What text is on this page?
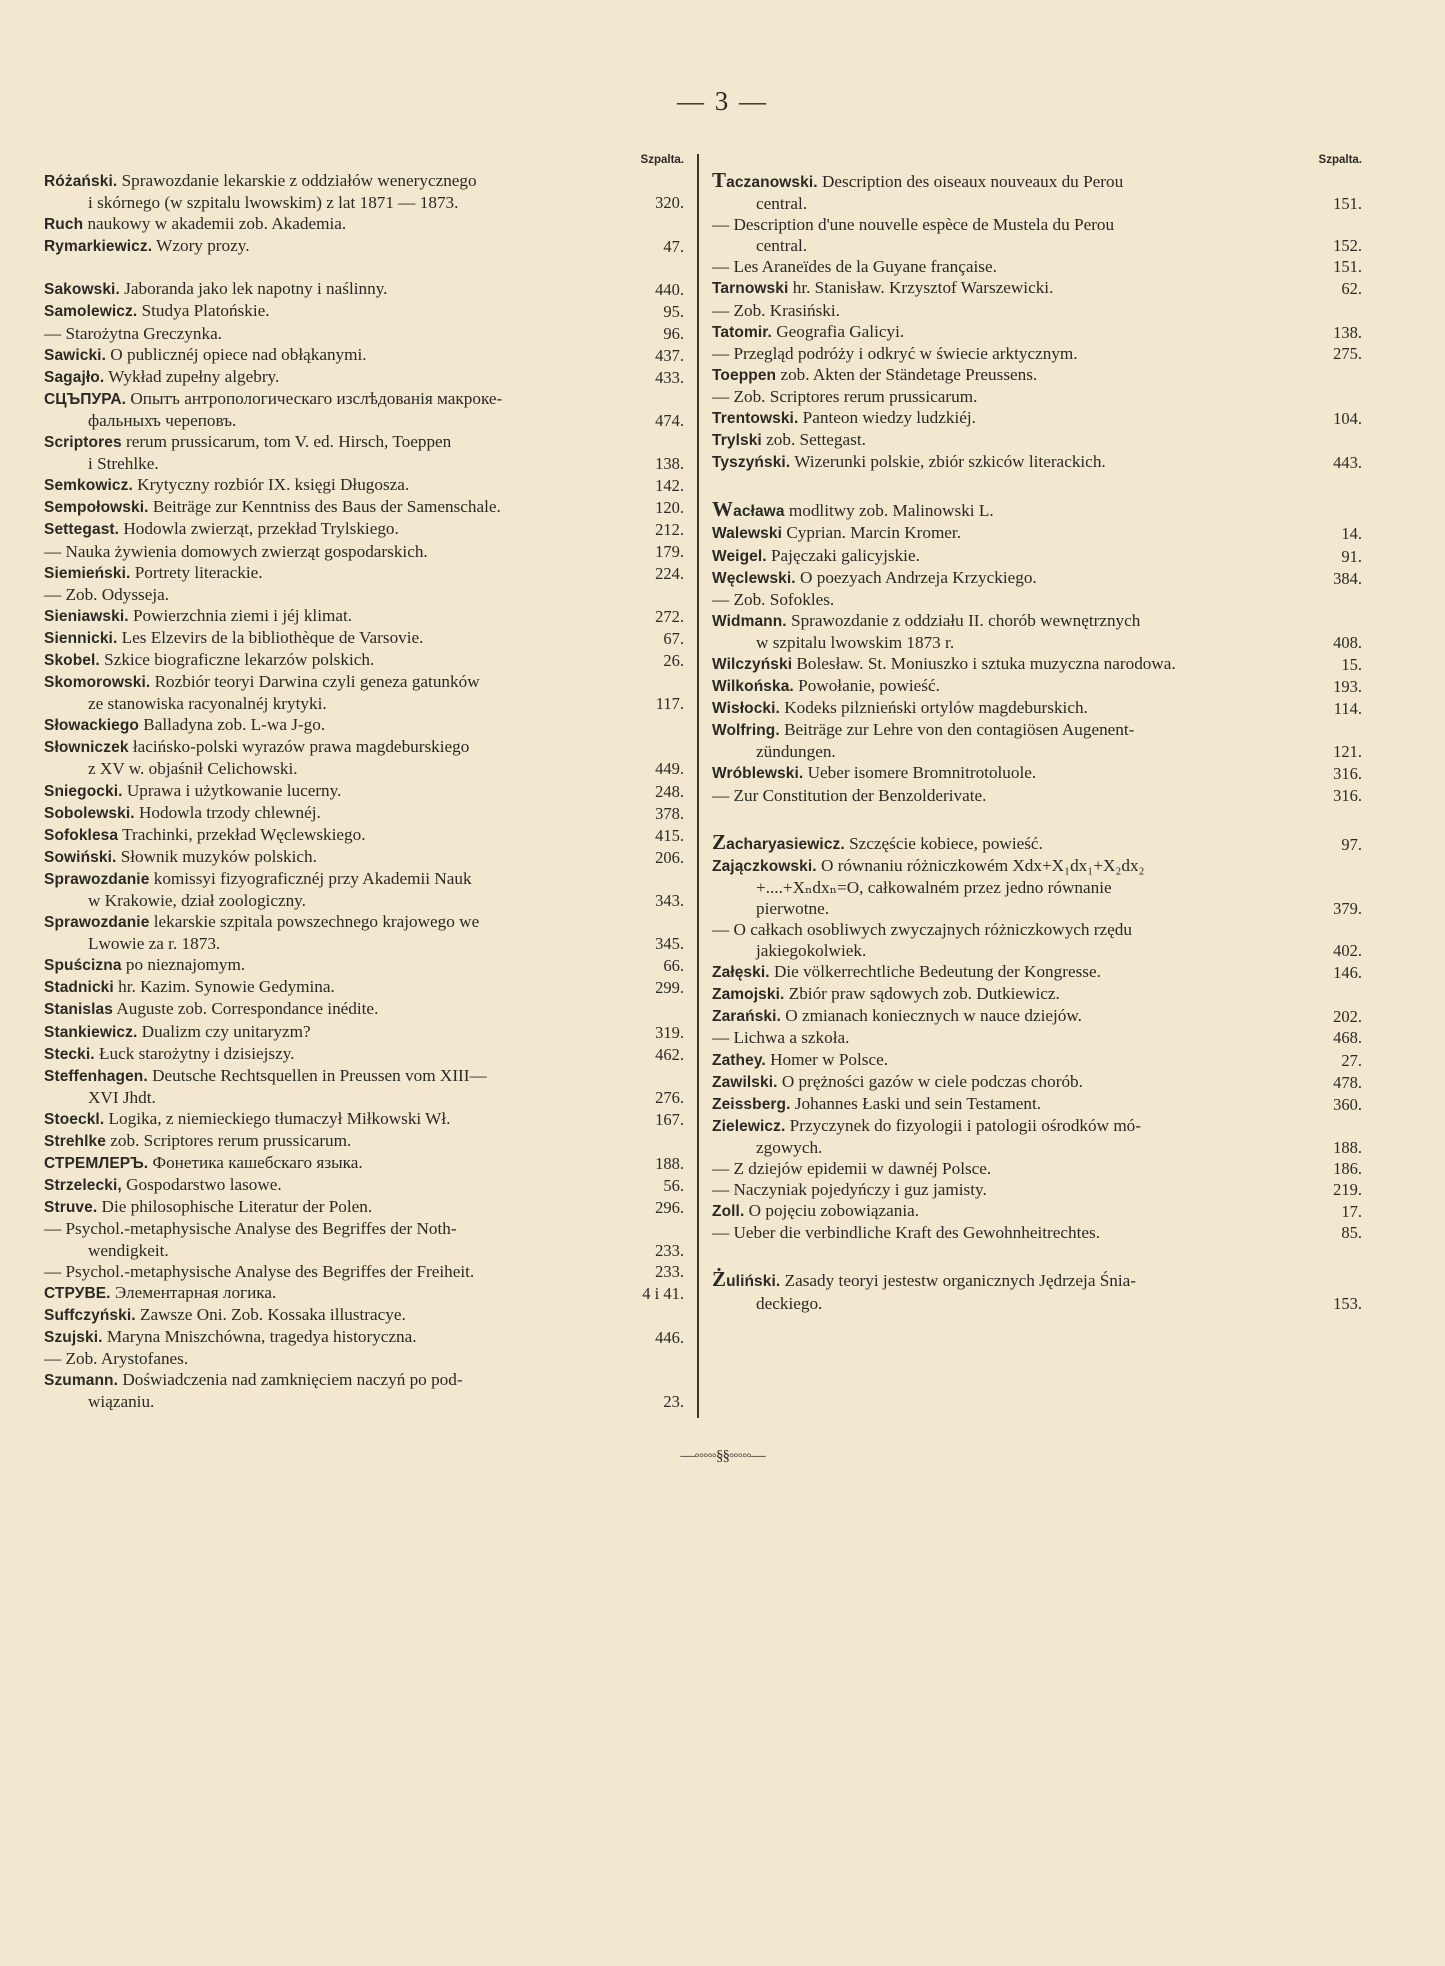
— 3 —
Szpalta.
Różański. Sprawozdanie lekarskie z oddziałów wenerycznego
i skórnego (w szpitalu lwowskim) z lat 1871 — 1873.	320.
Ruch naukowy w akademii zob. Akademia.
Rymarkiewicz. Wzory prozy.	47.
Sakowski. Jaboranda jako lek napotny i naślinny.	440.
Samolewicz. Studya Platońskie.	95.
— Starożytna Greczynka.	96.
Sawicki. O publicznéj opiece nad obłąkanymi.	437.
Sagajło. Wykład zupełny algebry.	433.
СЦЪПУРА. Опытъ антропологическаго изслѣдованія макроке-
фальныхъ череповъ.	474.
Scriptores rerum prussicarum, tom V. ed. Hirsch, Toeppen
i Strehlke.	138.
Semkowicz. Krytyczny rozbiór IX. księgi Długosza.	142.
Sempołowski. Beiträge zur Kenntniss des Baus der Samenschale.	120.
Settegast. Hodowla zwierząt, przekład Trylskiego.	212.
— Nauka żywienia domowych zwierząt gospodarskich.	179.
Siemieński. Portrety literackie.	224.
— Zob. Odysseja.
Sieniawski. Powierzchnia ziemi i jéj klimat.	272.
Siennicki. Les Elzevirs de la bibliothèque de Varsovie.	67.
Skobel. Szkice biograficzne lekarzów polskich.	26.
Skomorowski. Rozbiór teoryi Darwina czyli geneza gatunków
ze stanowiska racyonalnéj krytyki.	117.
Słowackiego Balladyna zob. L-wa J-go.
Słowniczek łacińsko-polski wyrazów prawa magdeburskiego
z XV w. objaśnił Celichowski.	449.
Sniegocki. Uprawa i użytkowanie lucerny.	248.
Sobolewski. Hodowla trzody chlewnéj.	378.
Sofoklesa Trachinki, przekład Węclewskiego.	415.
Sowiński. Słownik muzyków polskich.	206.
Sprawozdanie komissyi fizyograficznéj przy Akademii Nauk
w Krakowie, dział zoologiczny.	343.
Sprawozdanie lekarskie szpitala powszechnego krajowego we
Lwowie za r. 1873.	345.
Spuścizna po nieznajomym.	66.
Stadnicki hr. Kazim. Synowie Gedymina.	299.
Stanislas Auguste zob. Correspondance inédite.
Stankiewicz. Dualizm czy unitaryzm?	319.
Stecki. Łuck starożytny i dzisiejszy.	462.
Steffenhagen. Deutsche Rechtsquellen in Preussen vom XIII—
XVI Jhdt.	276.
Stoeckl. Logika, z niemieckiego tłumaczył Miłkowski Wł.	167.
Strehlke zob. Scriptores rerum prussicarum.
СТРЕМЛЕРЪ. Фонетика кашебскаго языка.	188.
Strzelecki, Gospodarstwo lasowe.	56.
Struve. Die philosophische Literatur der Polen.	296.
— Psychol.-metaphysische Analyse des Begriffes der Noth-
wendigkeit.	233.
— Psychol.-metaphysische Analyse des Begriffes der Freiheit.	233.
СТРУВЕ. Элементарная логика.	4 i 41.
Suffczyński. Zawsze Oni. Zob. Kossaka illustracye.
Szujski. Maryna Mniszchówna, tragedya historyczna.	446.
— Zob. Arystofanes.
Szumann. Doświadczenia nad zamknięciem naczyń po pod-
wiązaniu.	23.
Szpalta.
Taczanowski. Description des oiseaux nouveaux du Perou
central.	151.
— Description d'une nouvelle espèce de Mustela du Perou
central.	152.
— Les Araneïdes de la Guyane française.	151.
Tarnowski hr. Stanisław. Krzysztof Warszewicki.	62.
— Zob. Krasiński.
Tatomir. Geografia Galicyi.	138.
— Przegląd podróży i odkryć w świecie arktycznym.	275.
Toeppen zob. Akten der Ständetage Preussens.
— Zob. Scriptores rerum prussicarum.
Trentowski. Panteon wiedzy ludzkiéj.	104.
Trylski zob. Settegast.
Tyszyński. Wizerunki polskie, zbiór szkiców literackich.	443.
Wacława modlitwy zob. Malinowski L.
Walewski Cyprian. Marcin Kromer.	14.
Weigel. Pajęczaki galicyjskie.	91.
Węclewski. O poezyach Andrzeja Krzyckiego.	384.
— Zob. Sofokles.
Widmann. Sprawozdanie z oddziału II. chorób wewnętrznych
w szpitalu lwowskim 1873 r.	408.
Wilczyński Bolesław. St. Moniuszko i sztuka muzyczna narodowa.	15.
Wilkońska. Powołanie, powieść.	193.
Wisłocki. Kodeks pilznieński ortylów magdeburskich.	114.
Wolfring. Beiträge zur Lehre von den contagiösen Augenent-
zündungen.	121.
Wróblewski. Ueber isomere Bromnitrotoluole.	316.
— Zur Constitution der Benzolderivate.	316.
Zacharyasiewicz. Szczęście kobiece, powieść.	97.
Zajączkowski. O równaniu różniczkowém Xdx+X₁dx₁+X₂dx₂
+....+Xₙdxₙ=O, całkowalném przez jedno równanie
pierwotne.	379.
— O całkach osobliwych zwyczajnych różniczkowych rzędu
jakiegokolwiek.	402.
Załęski. Die völkerrechtliche Bedeutung der Kongresse.	146.
Zamojski. Zbiór praw sądowych zob. Dutkiewicz.
Zarański. O zmianach koniecznych w nauce dziejów.	202.
— Lichwa a szkoła.	468.
Zathey. Homer w Polsce.	27.
Zawilski. O prężności gazów w ciele podczas chorób.	478.
Zeissberg. Johannes Łaski und sein Testament.	360.
Zielewicz. Przyczynek do fizyologii i patologii ośrodków mó-
zgowych.	188.
— Z dziejów epidemii w dawnéj Polsce.	186.
— Naczyniak pojedyńczy i guz jamisty.	219.
Zoll. O pojęciu zobowiązania.	17.
— Ueber die verbindliche Kraft des Gewohnheitrechtes.	85.
Żuliński. Zasady teoryi jestestw organicznych Jędrzeja Śnia-
deckiego.	153.
—◦◦◦◦◦§§◦◦◦◦◦—
